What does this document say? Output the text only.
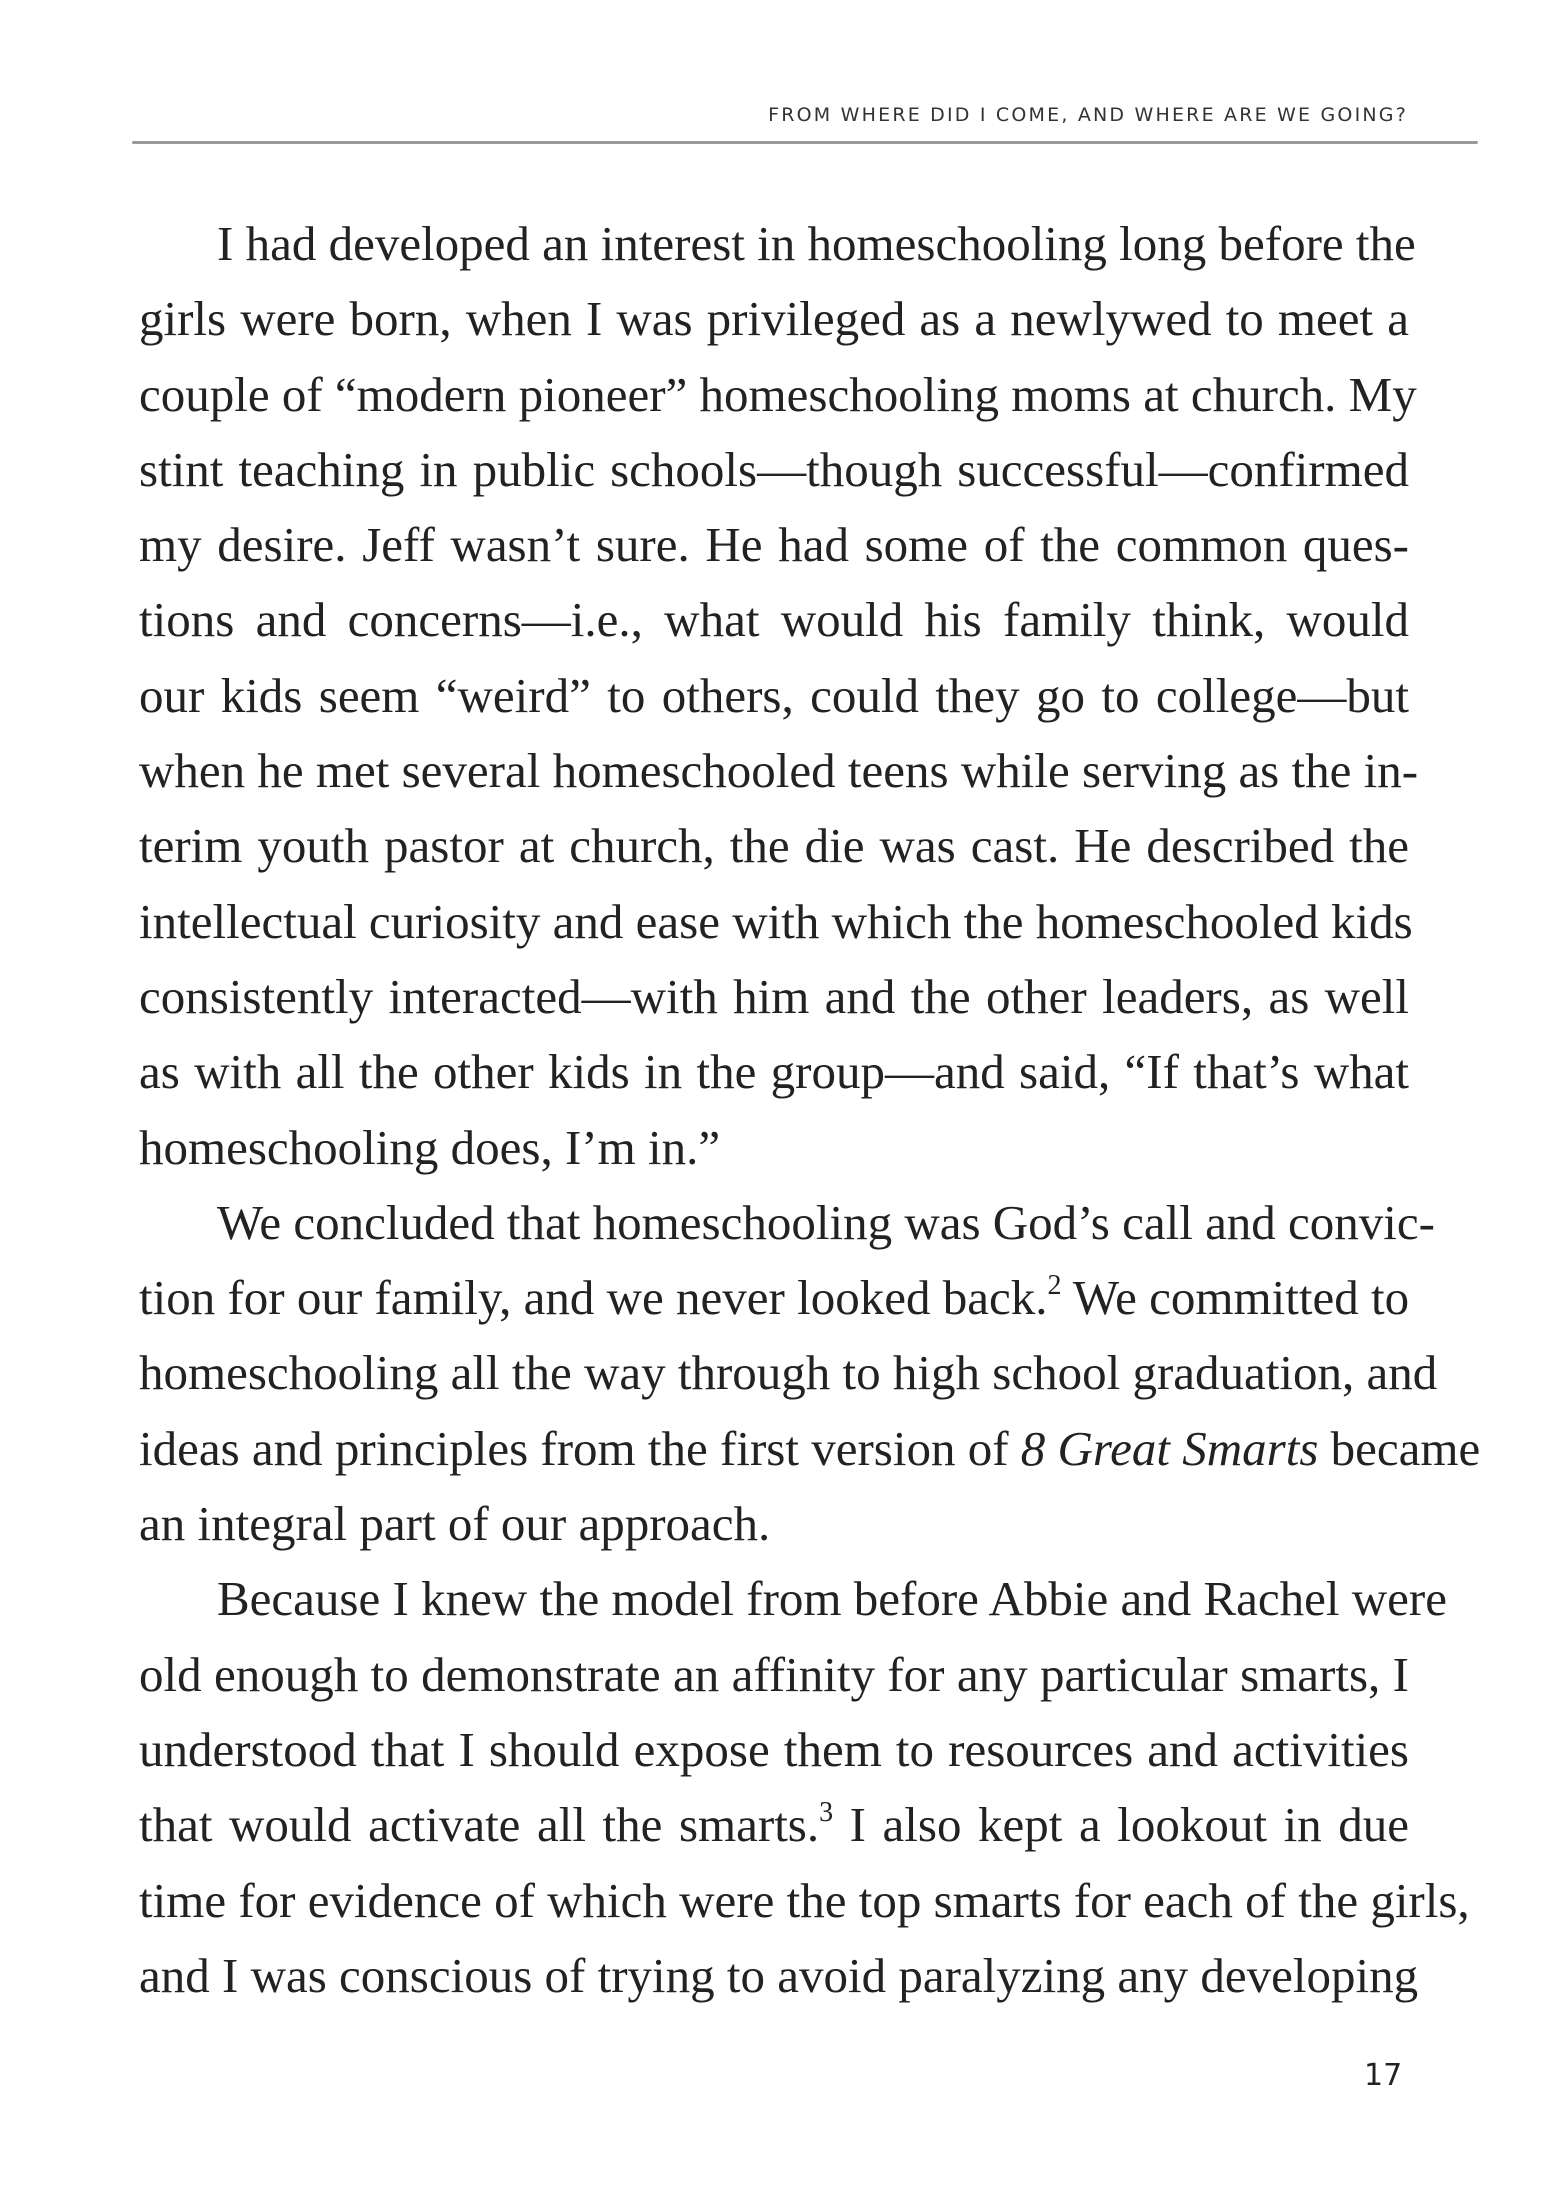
FROM WHERE DID I COME, AND WHERE ARE WE GOING?
I had developed an interest in homeschooling long before the
girls were born, when I was privileged as a newlywed to meet a
couple of “modern pioneer” homeschooling moms at church. My
stint teaching in public schools—though successful—confirmed
my desire. Jeff wasn’t sure. He had some of the common ques-
tions and concerns—i.e., what would his family think, would
our kids seem “weird” to others, could they go to college—but
when he met several homeschooled teens while serving as the in-
terim youth pastor at church, the die was cast. He described the
intellectual curiosity and ease with which the homeschooled kids
consistently interacted—with him and the other leaders, as well
as with all the other kids in the group—and said, “If that’s what
homeschooling does, I’m in.”
We concluded that homeschooling was God’s call and convic-
tion for our family, and we never looked back.$^2$ We committed to
homeschooling all the way through to high school graduation, and
ideas and principles from the first version of 8 Great Smarts became
an integral part of our approach.
Because I knew the model from before Abbie and Rachel were
old enough to demonstrate an affinity for any particular smarts, I
understood that I should expose them to resources and activities
that would activate all the smarts.$^3$ I also kept a lookout in due
time for evidence of which were the top smarts for each of the girls,
and I was conscious of trying to avoid paralyzing any developing
17
